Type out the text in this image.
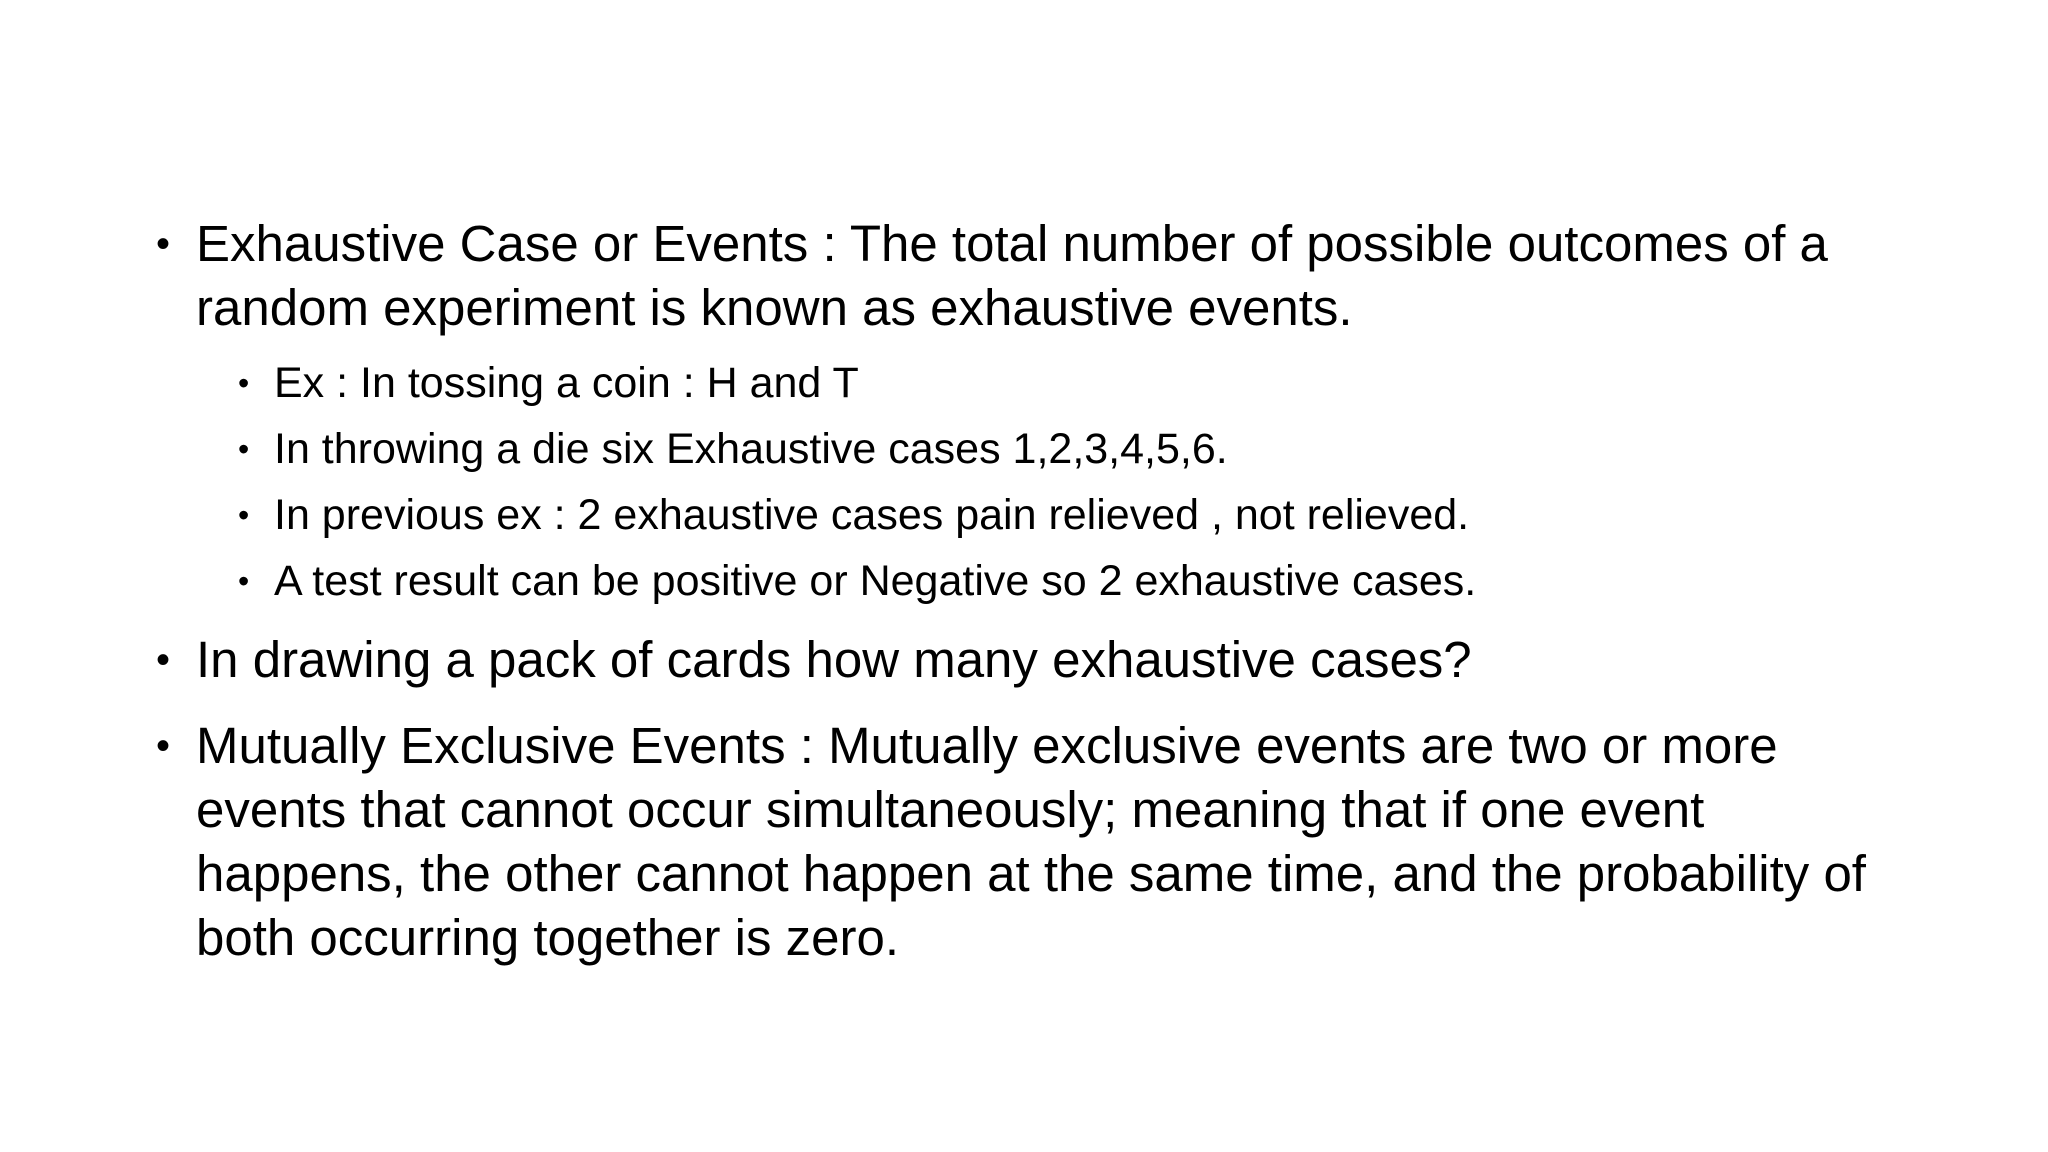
• Exhaustive Case or Events : The total number of possible outcomes of a random experiment is known as exhaustive events.
• Ex : In tossing a coin : H and T
• In throwing a die six Exhaustive cases 1,2,3,4,5,6.
• In previous ex : 2 exhaustive cases pain relieved , not relieved.
• A test result can be positive or Negative so 2 exhaustive cases.
• In drawing a pack of cards how many exhaustive cases?
• Mutually Exclusive Events : Mutually exclusive events are two or more events that cannot occur simultaneously; meaning that if one event happens, the other cannot happen at the same time, and the probability of both occurring together is zero.
